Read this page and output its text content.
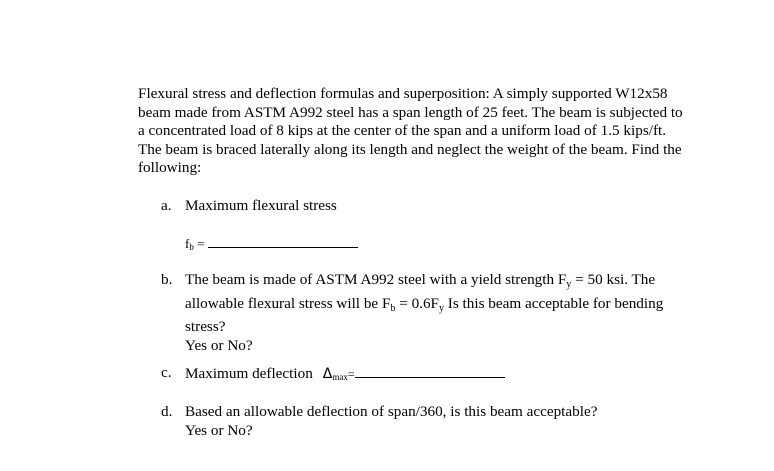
Flexural stress and deflection formulas and superposition: A simply supported W12x58
beam made from ASTM A992 steel has a span length of 25 feet. The beam is subjected to
a concentrated load of 8 kips at the center of the span and a uniform load of 1.5 kips/ft.
The beam is braced laterally along its length and neglect the weight of the beam. Find the
following:
a. Maximum flexural stress
$f_b$ =
b. The beam is made of ASTM A992 steel with a yield strength Fy = 50 ksi. The
allowable flexural stress will be Fb = 0.6Fy Is this beam acceptable for bending
stress?
Yes or No?
c. Maximum deflection $\Delta_{max}=$
d. Based an allowable deflection of span/360, is this beam acceptable?
Yes or No?
